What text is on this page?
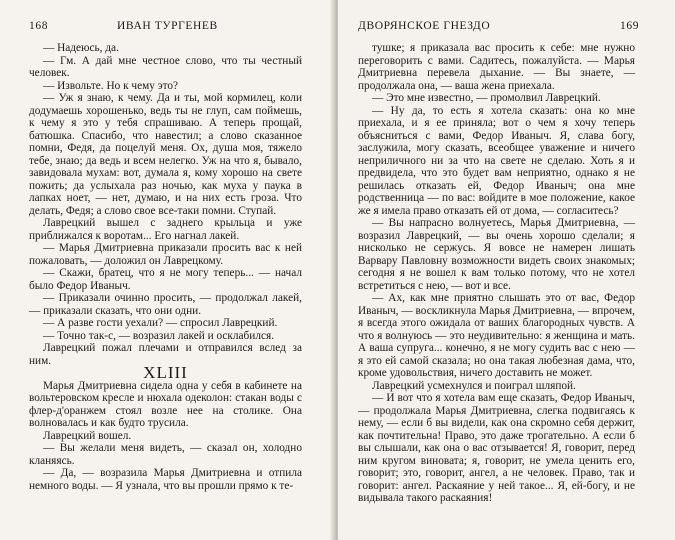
168	ИВАН ТУРГЕНЕВ

— Надеюсь, да.

— Гм. А дай мне честное слово, что ты честный человек.

— Извольте. Но к чему это?

— Уж я знаю, к чему. Да и ты, мой кормилец, коли додумаешь хорошенько, ведь ты не глуп, сам поймешь, к чему я это у тебя спрашиваю. А теперь прощай, батюшка. Спасибо, что навестил; а слово сказанное помни, Федя, да поцелуй меня. Ох, душа моя, тяжело тебе, знаю; да ведь и всем нелегко. Уж на что я, бывало, завидовала мухам: вот, думала я, кому хорошо на свете пожить; да услыхала раз ночью, как муха у паука в лапках ноет, — нет, думаю, и на них есть гроза. Что делать, Федя; а слово свое все-таки помни. Ступай.

Лаврецкий вышел с заднего крыльца и уже приближался к воротам... Его нагнал лакей.

— Марья Дмитриевна приказали просить вас к ней пожаловать, — доложил он Лаврецкому.

— Скажи, братец, что я не могу теперь... — начал было Федор Иваныч.

— Приказали очинно просить, — продолжал лакей, — приказали сказать, что они одни.

— А разве гости уехали? — спросил Лаврецкий.

— Точно так-с, — возразил лакей и осклабился.

Лаврецкий пожал плечами и отправился вслед за ним.

XLIII

Марья Дмитриевна сидела одна у себя в кабинете на вольтеровском кресле и нюхала одеколон: стакан воды с флер-д'оранжем стоял возле нее на столике. Она волновалась и как будто трусила.

Лаврецкий вошел.

— Вы желали меня видеть, — сказал он, холодно кланяясь.

— Да, — возразила Марья Дмитриевна и отпила немного воды. — Я узнала, что вы прошли прямо к те-

ДВОРЯНСКОЕ ГНЕЗДО	169

тушке; я приказала вас просить к себе: мне нужно переговорить с вами. Садитесь, пожалуйста. — Марья Дмитриевна перевела дыхание. — Вы знаете, — продолжала она, — ваша жена приехала.

— Это мне известно, — промолвил Лаврецкий.

— Ну да, то есть я хотела сказать: она ко мне приехала, и я ее приняла; вот о чем я хочу теперь объясниться с вами, Федор Иваныч. Я, слава богу, заслужила, могу сказать, всеобщее уважение и ничего неприличного ни за что на свете не сделаю. Хоть я и предвидела, что это будет вам неприятно, однако я не решилась отказать ей, Федор Иваныч; она мне родственница — по вас: войдите в мое положение, какое же я имела право отказать ей от дома, — согласитесь?

— Вы напрасно волнуетесь, Марья Дмитриевна, — возразил Лаврецкий, — вы очень хорошо сделали; я нисколько не сержусь. Я вовсе не намерен лишать Варвару Павловну возможности видеть своих знакомых; сегодня я не вошел к вам только потому, что не хотел встретиться с нею, — вот и все.

— Ах, как мне приятно слышать это от вас, Федор Иваныч, — воскликнула Марья Дмитриевна, — впрочем, я всегда этого ожидала от ваших благородных чувств. А что я волнуюсь — это неудивительно: я женщина и мать. А ваша супруга... конечно, я не могу судить вас с нею — я это ей самой сказала; но она такая любезная дама, что, кроме удовольствия, ничего доставить не может.

Лаврецкий усмехнулся и поиграл шляпой.

— И вот что я хотела вам еще сказать, Федор Иваныч, — продолжала Марья Дмитриевна, слегка подвигаясь к нему, — если б вы видели, как она скромно себя держит, как почтительна! Право, это даже трогательно. А если б вы слышали, как она о вас отзывается! Я, говорит, перед ним кругом виновата; я, говорит, не умела ценить его, говорит; это, говорит, ангел, а не человек. Право, так и говорит: ангел. Раскаяние у ней такое... Я, ей-богу, и не видывала такого раскаяния!
